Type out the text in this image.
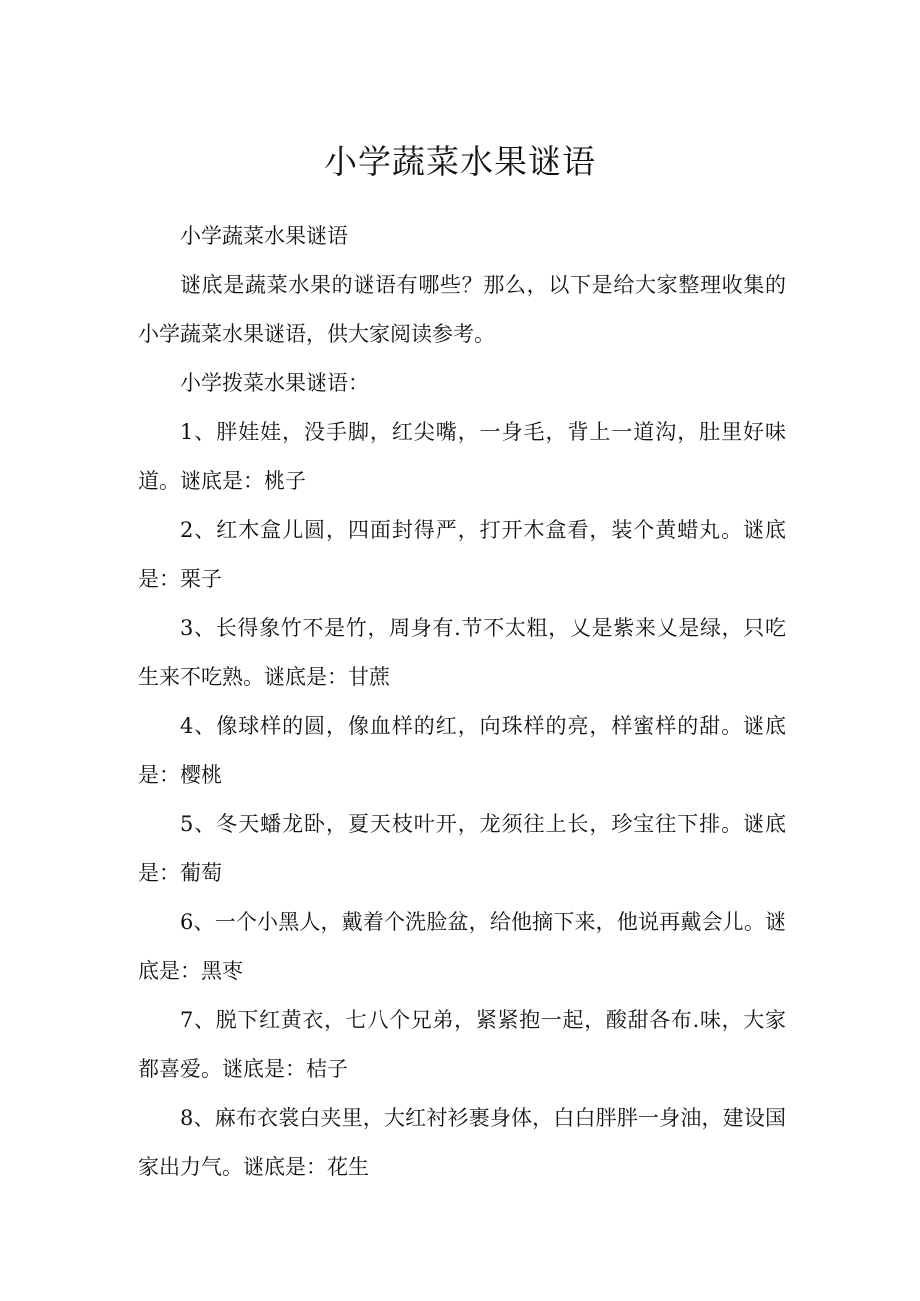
小学蔬菜水果谜语

小学蔬菜水果谜语

谜底是蔬菜水果的谜语有哪些？那么，以下是给大家整理收集的小学蔬菜水果谜语，供大家阅读参考。

小学拨菜水果谜语：

1、胖娃娃，没手脚，红尖嘴，一身毛，背上一道沟，肚里好味道。谜底是：桃子

2、红木盒儿圆，四面封得严，打开木盒看，装个黄蜡丸。谜底是：栗子

3、长得象竹不是竹，周身有.节不太粗，乂是紫来乂是绿，只吃生来不吃熟。谜底是：甘蔗

4、像球样的圆，像血样的红，向珠样的亮，样蜜样的甜。谜底是：樱桃

5、冬天蟠龙卧，夏天枝叶开，龙须往上长，珍宝往下排。谜底是：葡萄

6、一个小黑人，戴着个洗脸盆，给他摘下来，他说再戴会儿。谜底是：黑枣

7、脱下红黄衣，七八个兄弟，紧紧抱一起，酸甜各布.味，大家都喜爱。谜底是：桔子

8、麻布衣裳白夹里，大红衬衫裹身体，白白胖胖一身油，建设国家出力气。谜底是：花生
